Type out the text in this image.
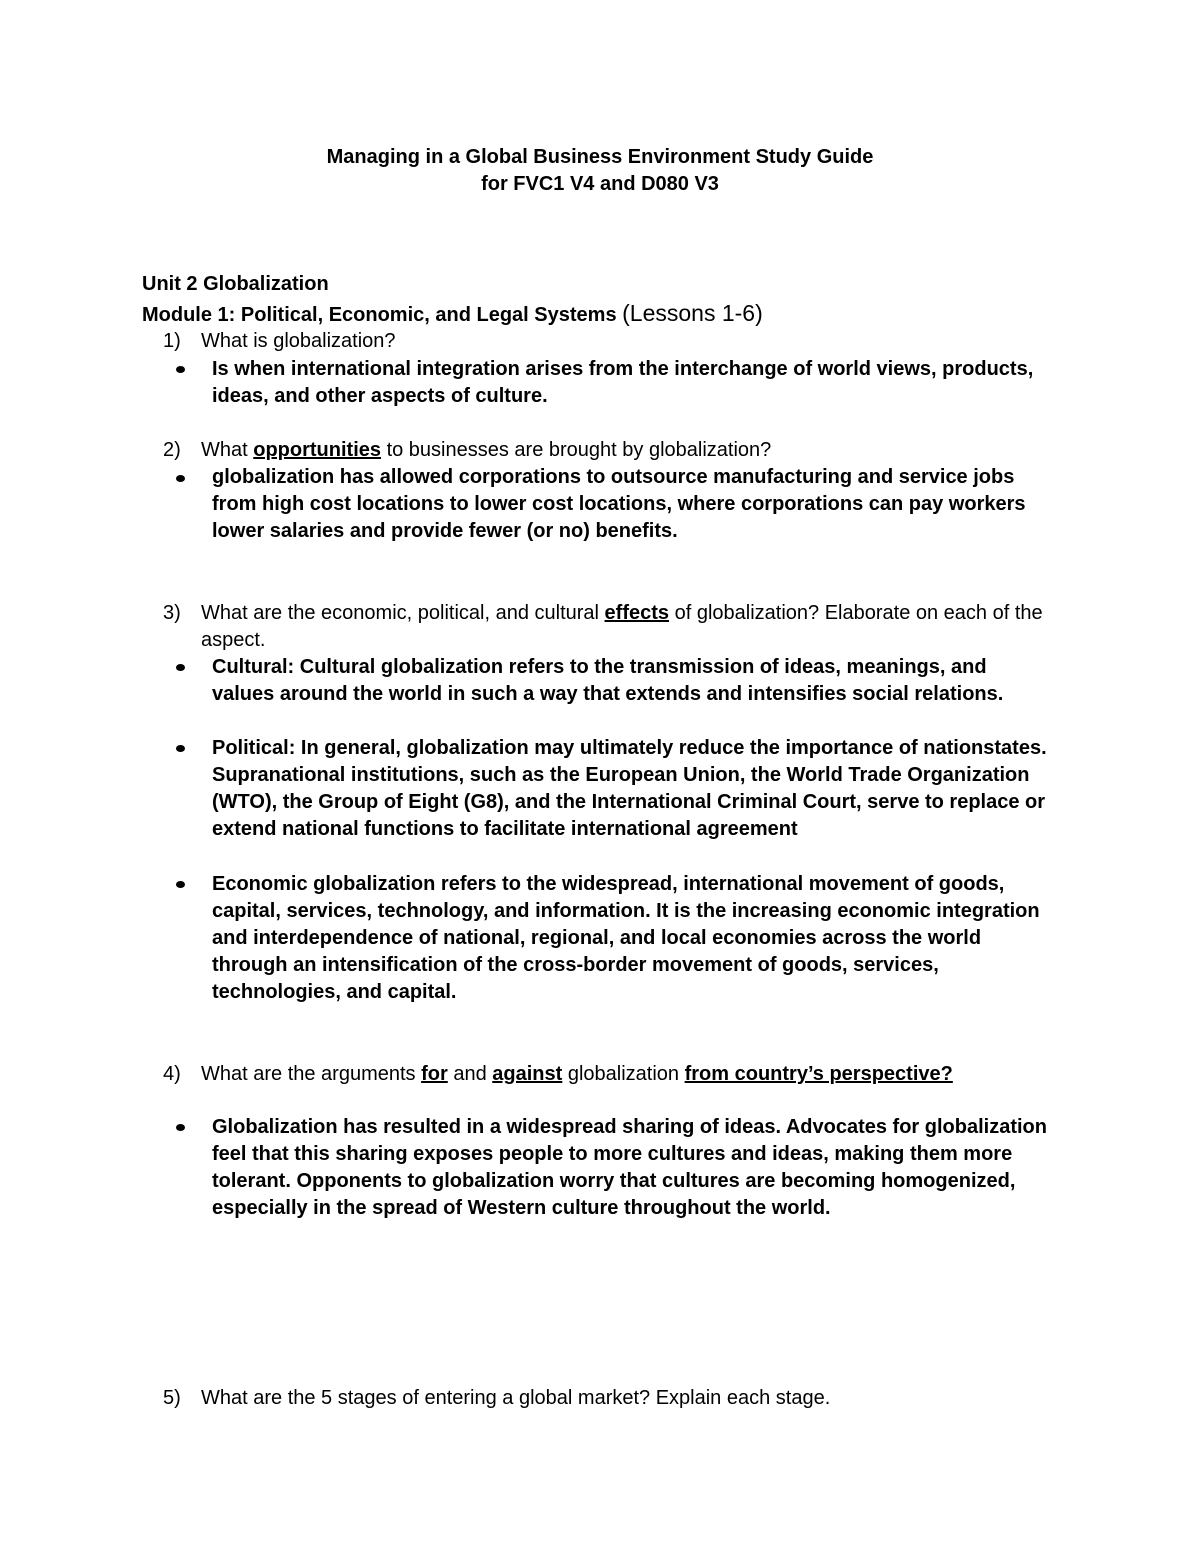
Managing in a Global Business Environment Study Guide
for FVC1 V4 and D080 V3
Unit 2 Globalization
Module 1: Political, Economic, and Legal Systems (Lessons 1-6)
1) What is globalization?
Is when international integration arises from the interchange of world views, products, ideas, and other aspects of culture.
2) What opportunities to businesses are brought by globalization?
globalization has allowed corporations to outsource manufacturing and service jobs from high cost locations to lower cost locations, where corporations can pay workers lower salaries and provide fewer (or no) benefits.
3) What are the economic, political, and cultural effects of globalization? Elaborate on each of the aspect.
Cultural: Cultural globalization refers to the transmission of ideas, meanings, and values around the world in such a way that extends and intensifies social relations.
Political: In general, globalization may ultimately reduce the importance of nationstates. Supranational institutions, such as the European Union, the World Trade Organization (WTO), the Group of Eight (G8), and the International Criminal Court, serve to replace or extend national functions to facilitate international agreement
Economic globalization refers to the widespread, international movement of goods, capital, services, technology, and information. It is the increasing economic integration and interdependence of national, regional, and local economies across the world through an intensification of the cross-border movement of goods, services, technologies, and capital.
4) What are the arguments for and against globalization from country’s perspective?
Globalization has resulted in a widespread sharing of ideas. Advocates for globalization feel that this sharing exposes people to more cultures and ideas, making them more tolerant. Opponents to globalization worry that cultures are becoming homogenized, especially in the spread of Western culture throughout the world.
5) What are the 5 stages of entering a global market? Explain each stage.
